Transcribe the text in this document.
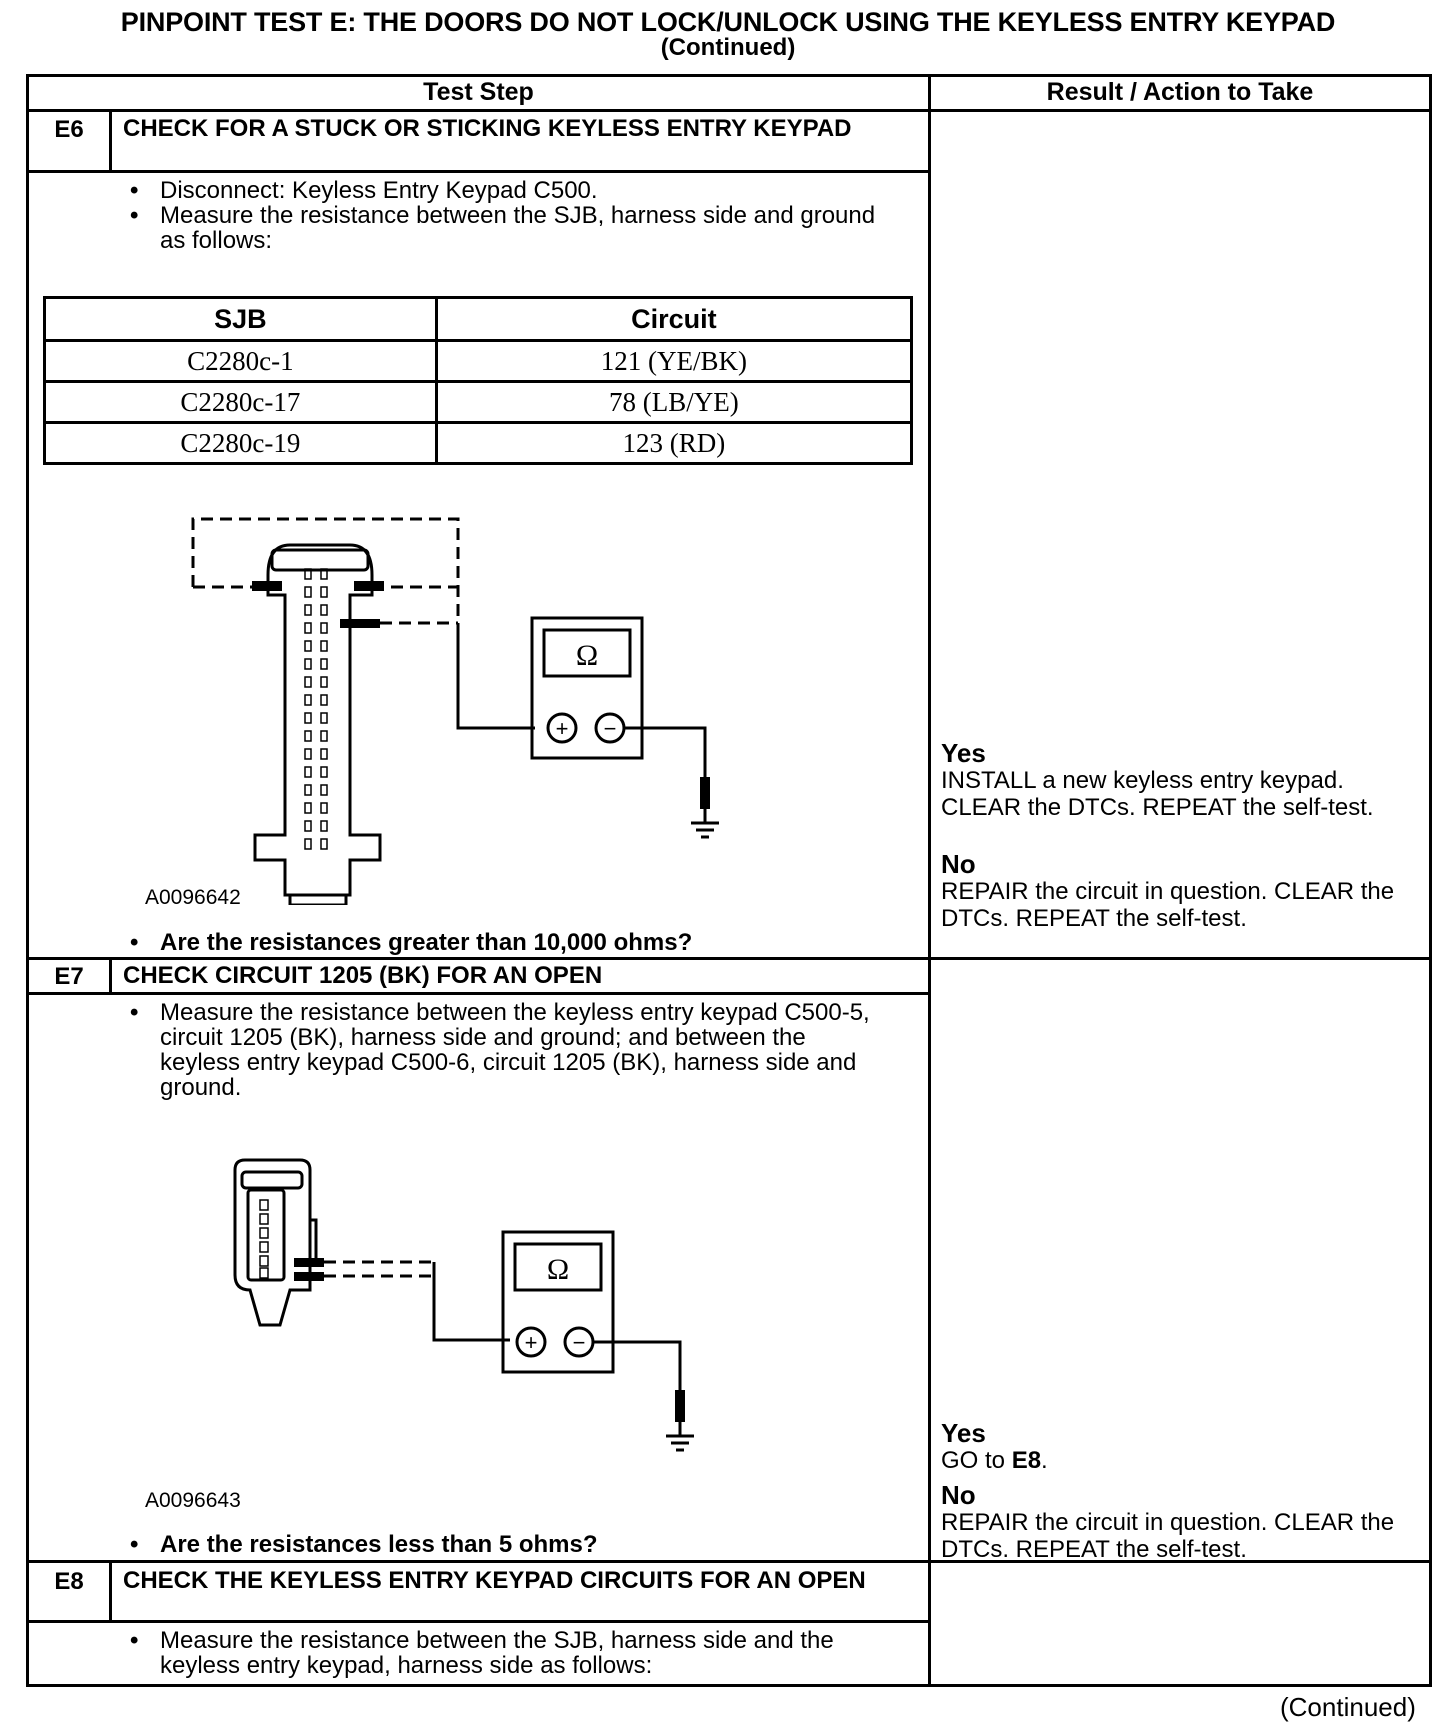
PINPOINT TEST E: THE DOORS DO NOT LOCK/UNLOCK USING THE KEYLESS ENTRY KEYPAD
(Continued)
Test Step	Result / Action to Take
E6	CHECK FOR A STUCK OR STICKING KEYLESS ENTRY KEYPAD
• Disconnect: Keyless Entry Keypad C500.
• Measure the resistance between the SJB, harness side and ground as follows:
SJB	Circuit
C2280c-1	121 (YE/BK)
C2280c-17	78 (LB/YE)
C2280c-19	123 (RD)
Ω
+ −
A0096642
• Are the resistances greater than 10,000 ohms?
Yes
INSTALL a new keyless entry keypad. CLEAR the DTCs. REPEAT the self-test.
No
REPAIR the circuit in question. CLEAR the DTCs. REPEAT the self-test.
E7	CHECK CIRCUIT 1205 (BK) FOR AN OPEN
• Measure the resistance between the keyless entry keypad C500-5, circuit 1205 (BK), harness side and ground; and between the keyless entry keypad C500-6, circuit 1205 (BK), harness side and ground.
Ω
+ −
A0096643
• Are the resistances less than 5 ohms?
Yes
GO to E8.
No
REPAIR the circuit in question. CLEAR the DTCs. REPEAT the self-test.
E8	CHECK THE KEYLESS ENTRY KEYPAD CIRCUITS FOR AN OPEN
• Measure the resistance between the SJB, harness side and the keyless entry keypad, harness side as follows:
(Continued)
